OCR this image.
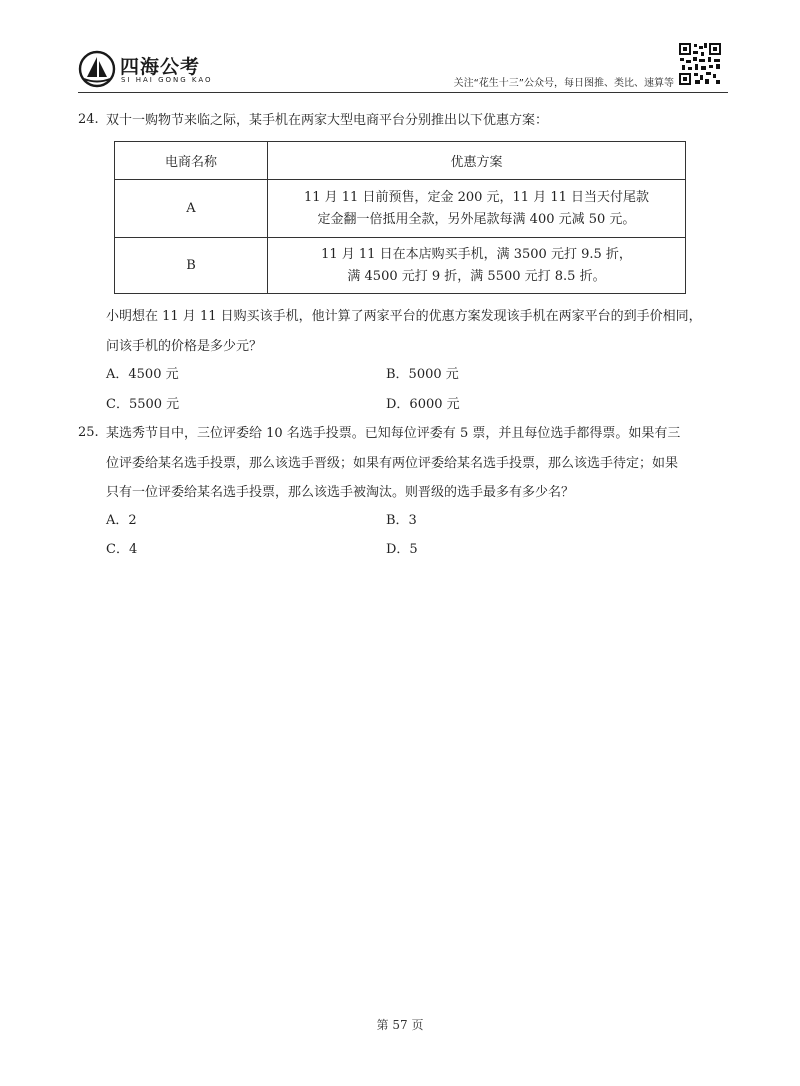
四海公考
SI HAI GONG KAO	关注“花生十三”公众号，每日图推、类比、速算等
24. 双十一购物节来临之际，某手机在两家大型电商平台分别推出以下优惠方案：
电商名称	优惠方案
A	11 月 11 日前预售，定金 200 元，11 月 11 日当天付尾款
定金翻一倍抵用全款，另外尾款每满 400 元减 50 元。

B	11 月 11 日在本店购买手机，满 3500 元打 9.5 折，
满 4500 元打 9 折，满 5500 元打 8.5 折。
小明想在 11 月 11 日购买该手机，他计算了两家平台的优惠方案发现该手机在两家平台的到手价相同，
问该手机的价格是多少元？
A．4500 元	B．5000 元
C．5500 元	D．6000 元
25. 某选秀节目中，三位评委给 10 名选手投票。已知每位评委有 5 票，并且每位选手都得票。如果有三
位评委给某名选手投票，那么该选手晋级；如果有两位评委给某名选手投票，那么该选手待定；如果
只有一位评委给某名选手投票，那么该选手被淘汰。则晋级的选手最多有多少名？
A．2	B．3
C．4	D．5
第 57 页
